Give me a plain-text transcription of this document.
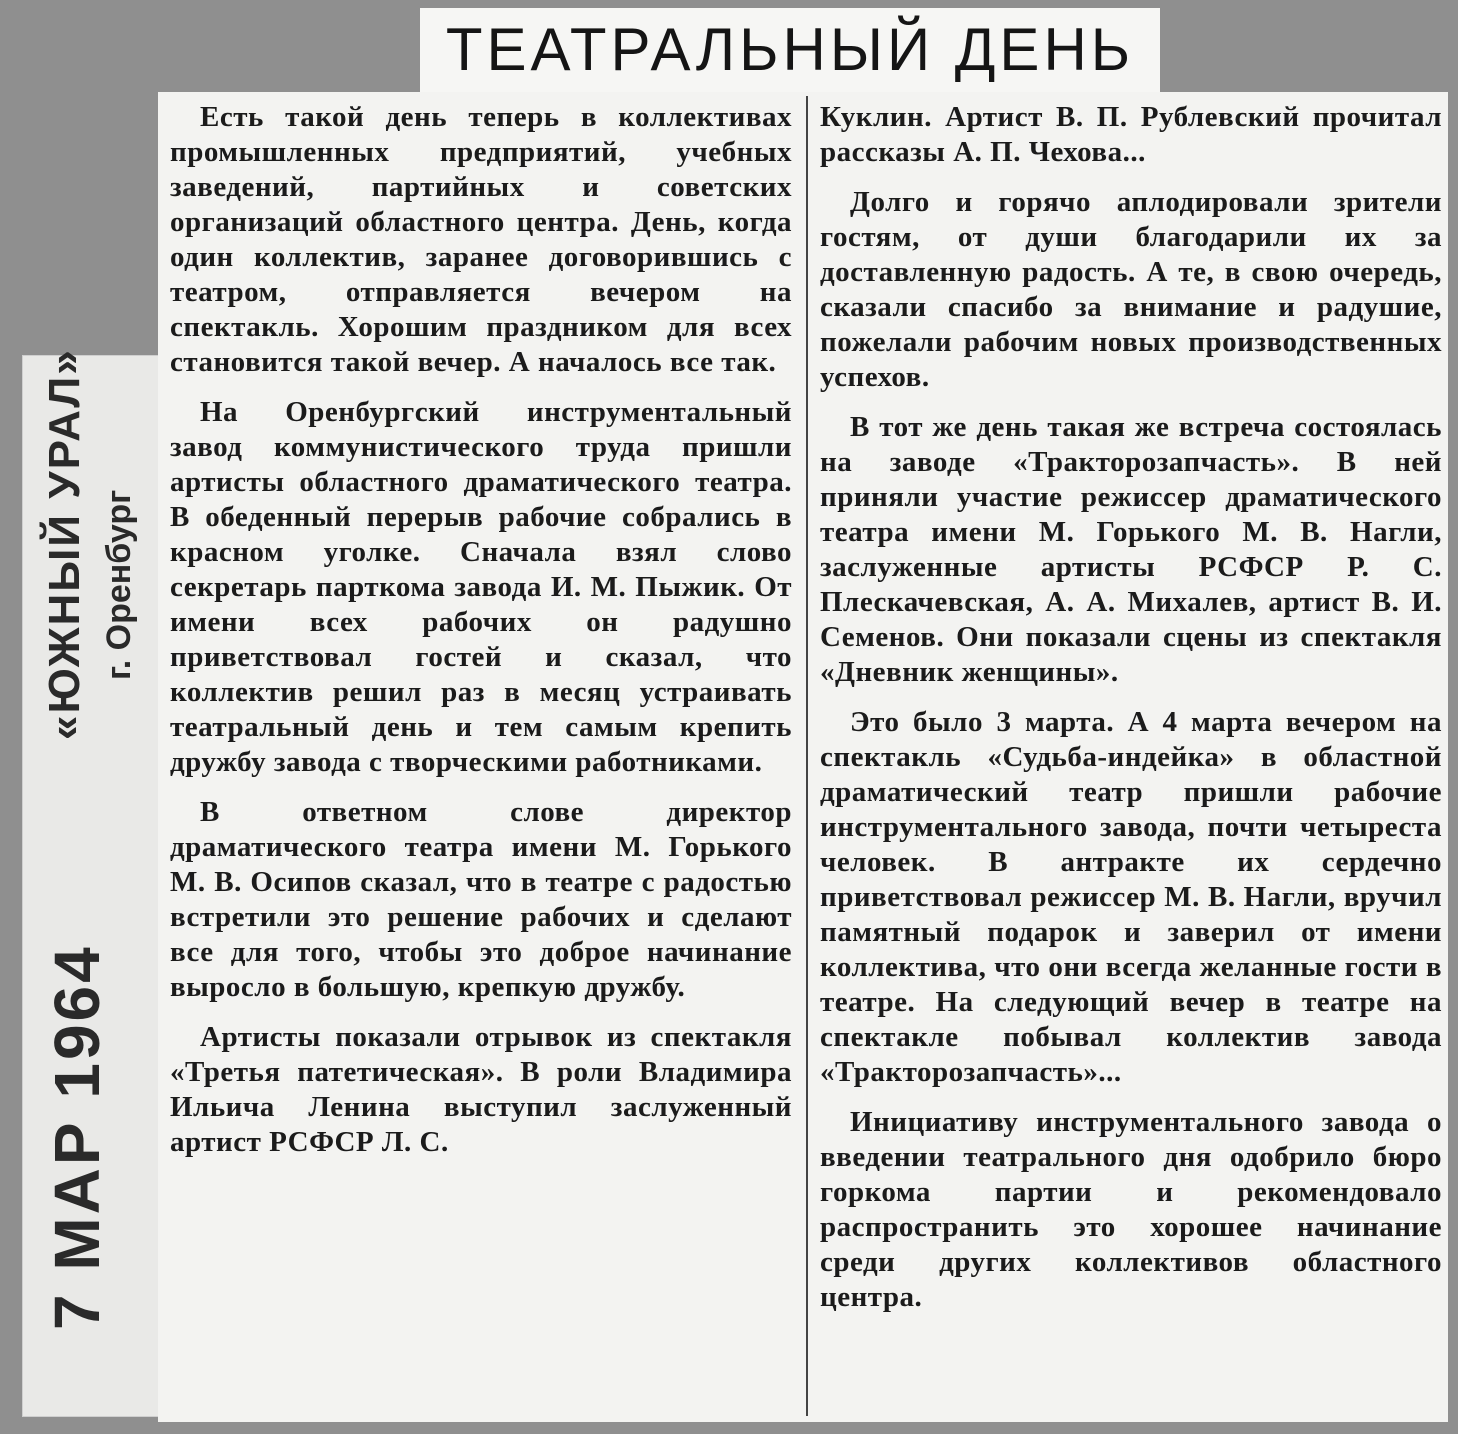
«ЮЖНЫЙ УРАЛ» г. Оренбург
7 МАР 1964
ТЕАТРАЛЬНЫЙ ДЕНЬ

Есть такой день теперь в коллективах промышленных предприятий, учебных заведений, партийных и советских организаций областного центра. День, когда один коллектив, заранее договорившись с театром, отправляется вечером на спектакль. Хорошим праздником для всех становится такой вечер. А началось все так.

На Оренбургский инструментальный завод коммунистического труда пришли артисты областного драматического театра. В обеденный перерыв рабочие собрались в красном уголке. Сначала взял слово секретарь парткома завода И. М. Пыжик. От имени всех рабочих он радушно приветствовал гостей и сказал, что коллектив решил раз в месяц устраивать театральный день и тем самым крепить дружбу завода с творческими работниками.

В ответном слове директор драматического театра имени М. Горького М. В. Осипов сказал, что в театре с радостью встретили это решение рабочих и сделают все для того, чтобы это доброе начинание выросло в большую, крепкую дружбу.

Артисты показали отрывок из спектакля «Третья патетическая». В роли Владимира Ильича Ленина выступил заслуженный артист РСФСР Л. С.

Куклин. Артист В. П. Рублевский прочитал рассказы А. П. Чехова...

Долго и горячо аплодировали зрители гостям, от души благодарили их за доставленную радость. А те, в свою очередь, сказали спасибо за внимание и радушие, пожелали рабочим новых производственных успехов.

В тот же день такая же встреча состоялась на заводе «Тракторозапчасть». В ней приняли участие режиссер драматического театра имени М. Горького М. В. Нагли, заслуженные артисты РСФСР Р. С. Плескачевская, А. А. Михалев, артист В. И. Семенов. Они показали сцены из спектакля «Дневник женщины».

Это было 3 марта. А 4 марта вечером на спектакль «Судьба-индейка» в областной драматический театр пришли рабочие инструментального завода, почти четыреста человек. В антракте их сердечно приветствовал режиссер М. В. Нагли, вручил памятный подарок и заверил от имени коллектива, что они всегда желанные гости в театре. На следующий вечер в театре на спектакле побывал коллектив завода «Тракторозапчасть»...

Инициативу инструментального завода о введении театрального дня одобрило бюро горкома партии и рекомендовало распространить это хорошее начинание среди других коллективов областного центра.
